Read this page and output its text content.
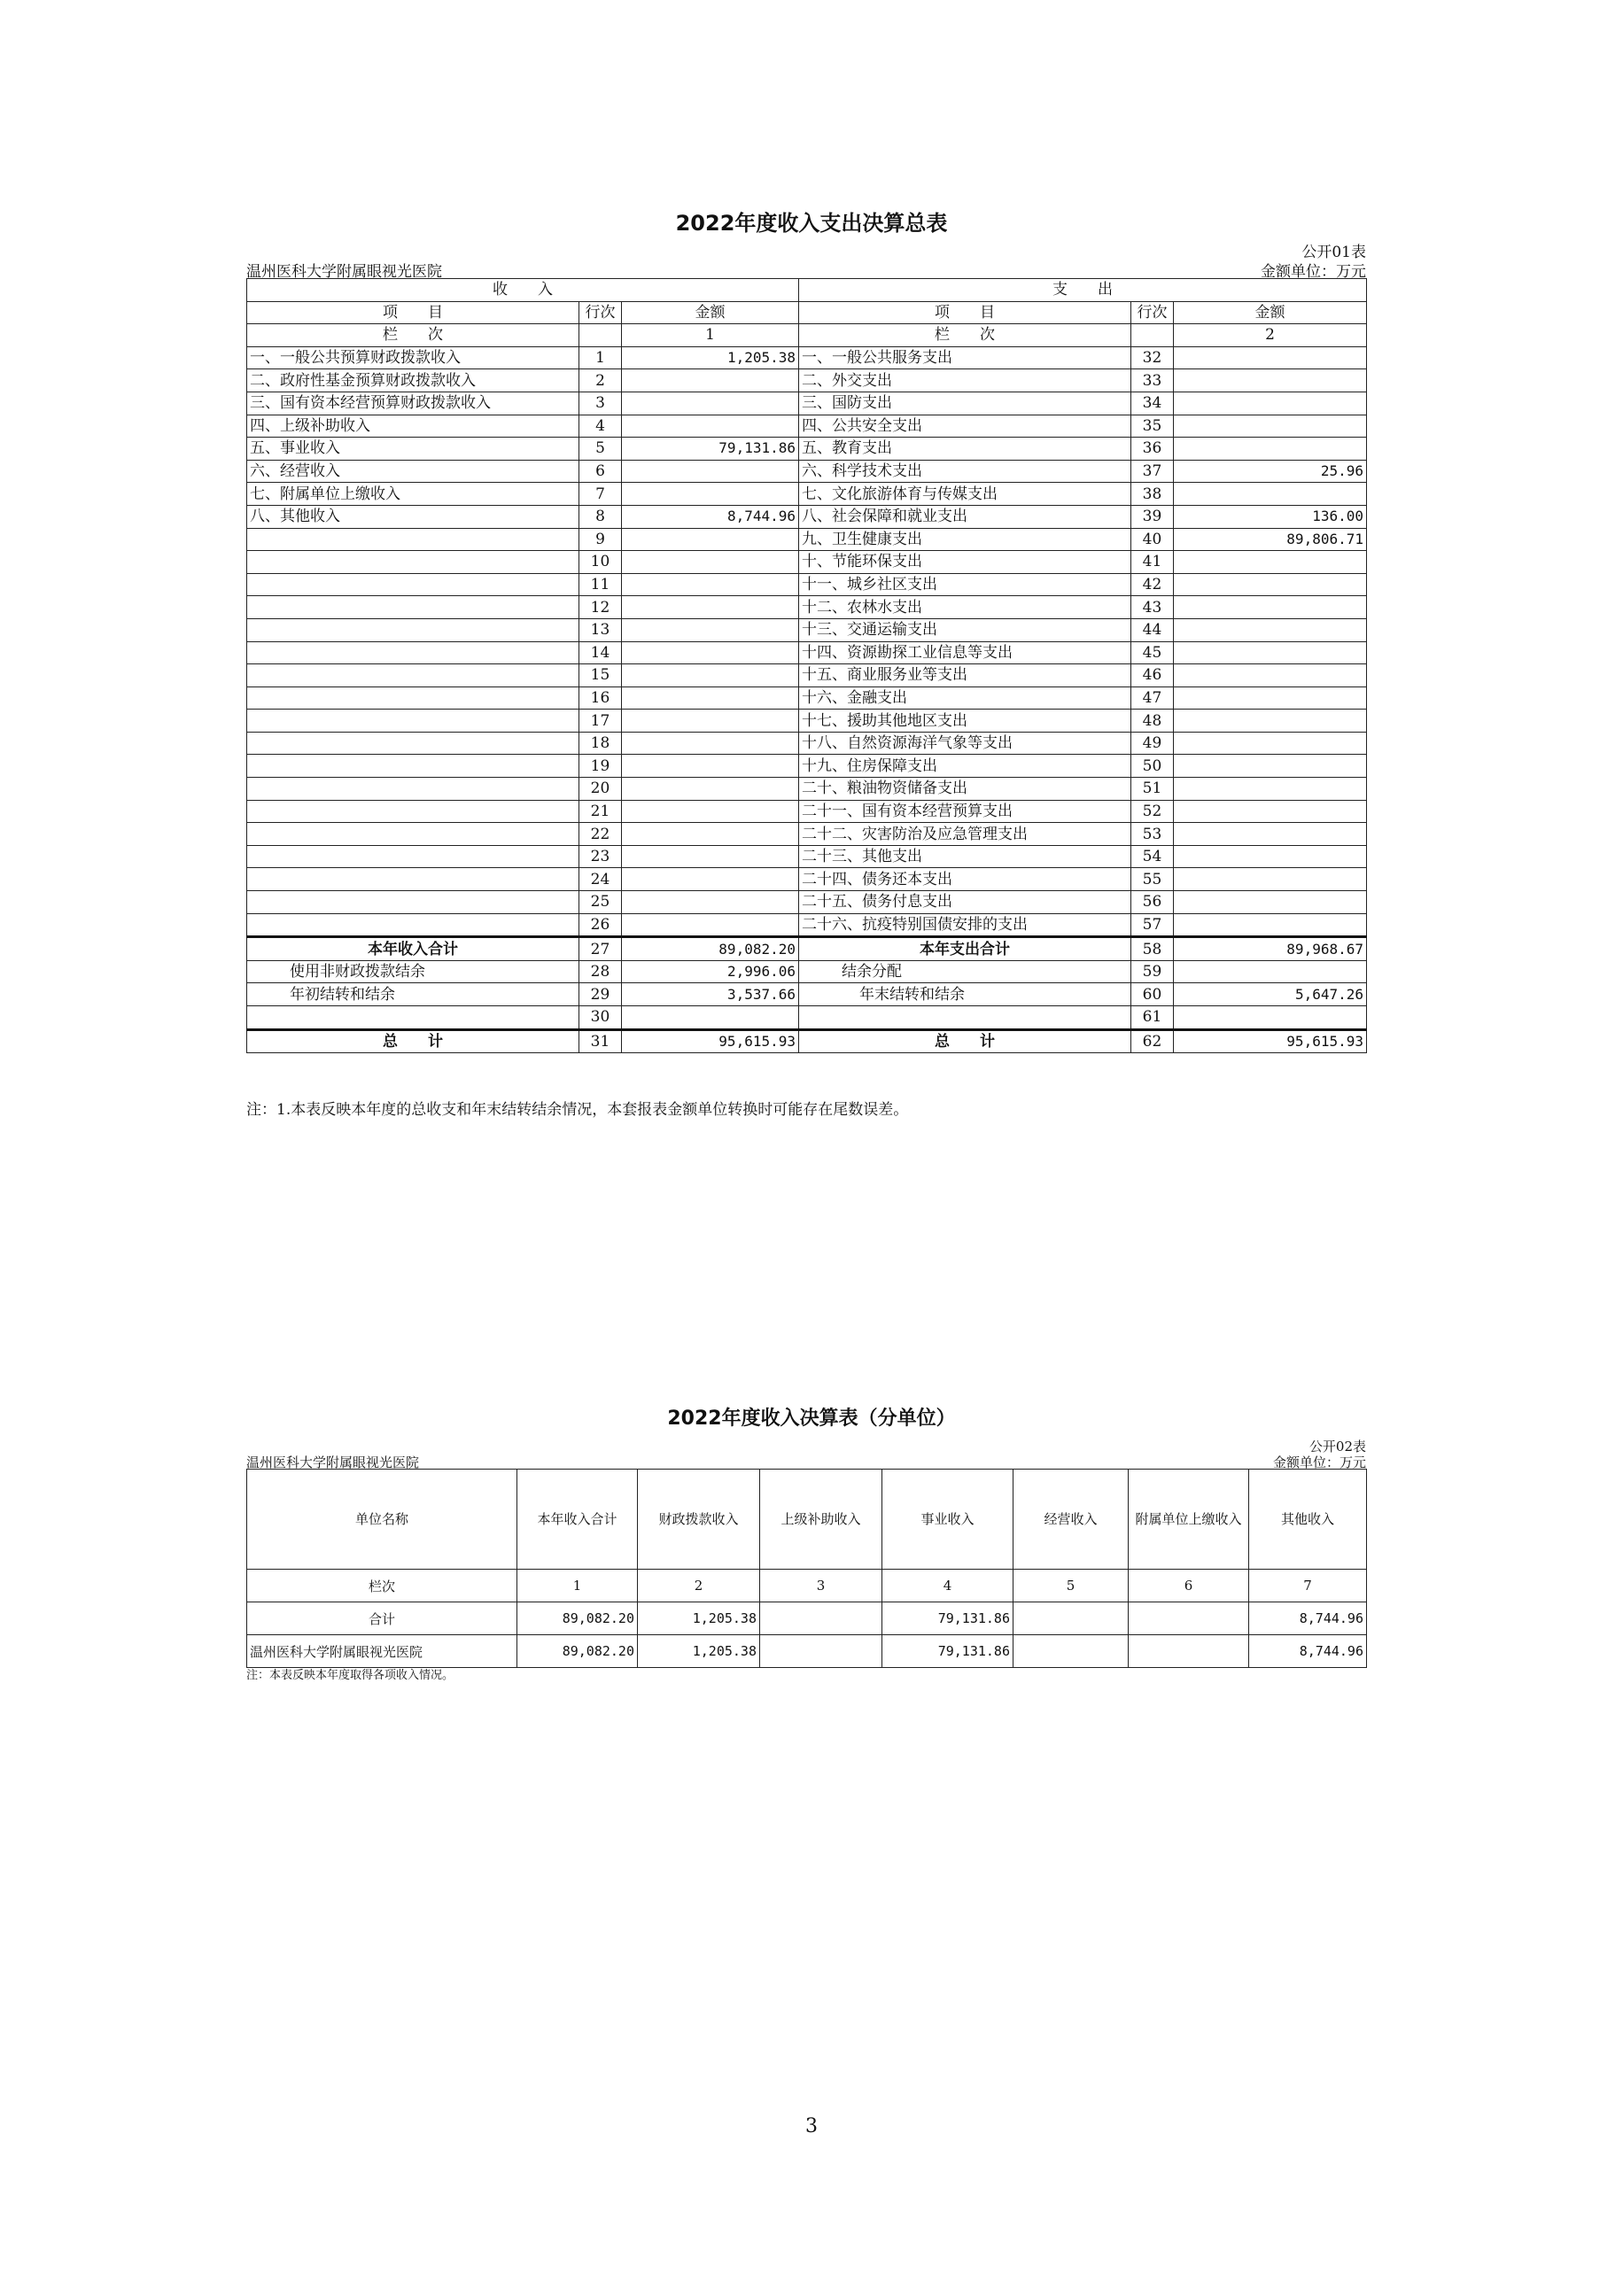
2022年度收入支出决算总表
公开01表
温州医科大学附属眼视光医院	金额单位：万元
收　　入			支　　出		
项　　目	行次	金额	项　　目	行次	金额
栏　　次		1	栏　　次		2
一、一般公共预算财政拨款收入	1	1,205.38	一、一般公共服务支出	32	
二、政府性基金预算财政拨款收入	2		二、外交支出	33	
三、国有资本经营预算财政拨款收入	3		三、国防支出	34	
四、上级补助收入	4		四、公共安全支出	35	
五、事业收入	5	79,131.86	五、教育支出	36	
六、经营收入	6		六、科学技术支出	37	25.96
七、附属单位上缴收入	7		七、文化旅游体育与传媒支出	38	
八、其他收入	8	8,744.96	八、社会保障和就业支出	39	136.00
	9		九、卫生健康支出	40	89,806.71
	10		十、节能环保支出	41	
	11		十一、城乡社区支出	42	
	12		十二、农林水支出	43	
	13		十三、交通运输支出	44	
	14		十四、资源勘探工业信息等支出	45	
	15		十五、商业服务业等支出	46	
	16		十六、金融支出	47	
	17		十七、援助其他地区支出	48	
	18		十八、自然资源海洋气象等支出	49	
	19		十九、住房保障支出	50	
	20		二十、粮油物资储备支出	51	
	21		二十一、国有资本经营预算支出	52	
	22		二十二、灾害防治及应急管理支出	53	
	23		二十三、其他支出	54	
	24		二十四、债务还本支出	55	
	25		二十五、债务付息支出	56	
	26		二十六、抗疫特别国债安排的支出	57	
本年收入合计	27	89,082.20	本年支出合计	58	89,968.67
使用非财政拨款结余	28	2,996.06	结余分配	59	
年初结转和结余	29	3,537.66	年末结转和结余	60	5,647.26
	30			61	
总　　计	31	95,615.93	总　　计	62	95,615.93
注：1.本表反映本年度的总收支和年末结转结余情况，本套报表金额单位转换时可能存在尾数误差。
2022年度收入决算表（分单位）
公开02表
温州医科大学附属眼视光医院	金额单位：万元
单位名称	本年收入合计	财政拨款收入	上级补助收入	事业收入	经营收入	附属单位上缴收入	其他收入
栏次	1	2	3	4	5	6	7
合计	89,082.20	1,205.38		79,131.86			8,744.96
温州医科大学附属眼视光医院	89,082.20	1,205.38		79,131.86			8,744.96
注：本表反映本年度取得各项收入情况。
3
